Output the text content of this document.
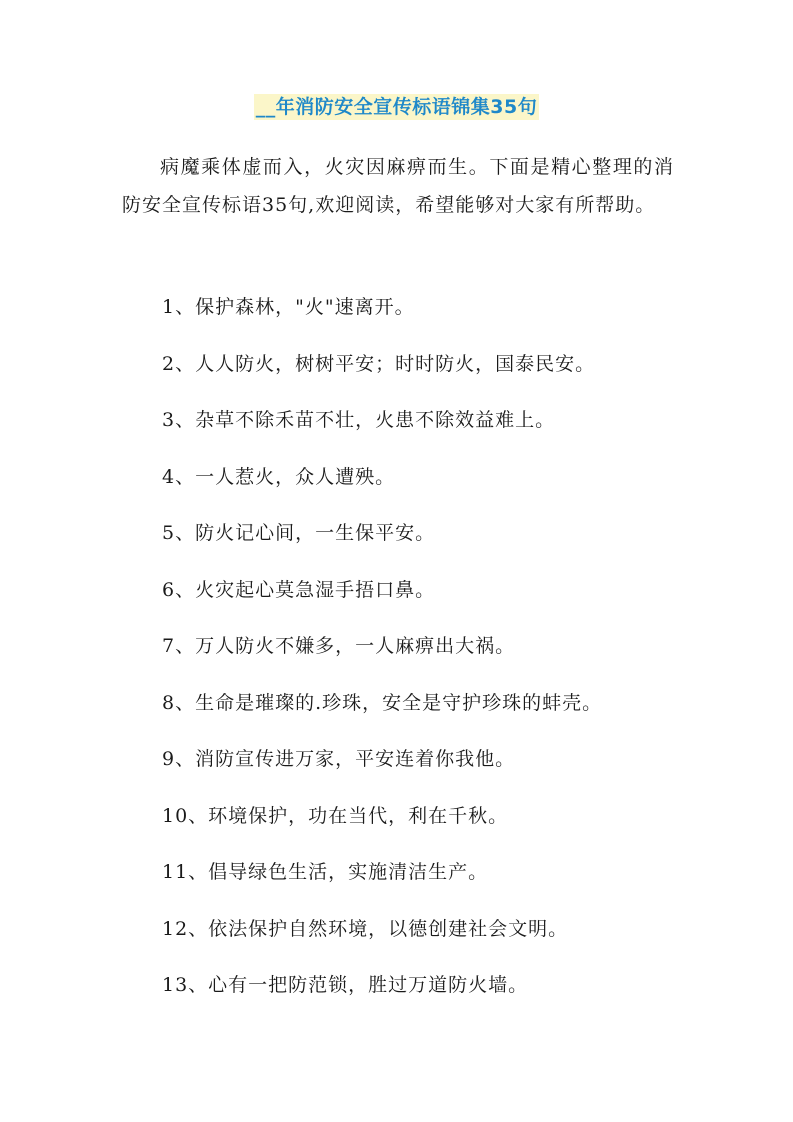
__年消防安全宣传标语锦集35句

病魔乘体虚而入，火灾因麻痹而生。下面是精心整理的消防安全宣传标语35句,欢迎阅读，希望能够对大家有所帮助。

1、保护森林，"火"速离开。
2、人人防火，树树平安；时时防火，国泰民安。
3、杂草不除禾苗不壮，火患不除效益难上。
4、一人惹火，众人遭殃。
5、防火记心间，一生保平安。
6、火灾起心莫急湿手捂口鼻。
7、万人防火不嫌多，一人麻痹出大祸。
8、生命是璀璨的.珍珠，安全是守护珍珠的蚌壳。
9、消防宣传进万家，平安连着你我他。
10、环境保护，功在当代，利在千秋。
11、倡导绿色生活，实施清洁生产。
12、依法保护自然环境，以德创建社会文明。
13、心有一把防范锁，胜过万道防火墙。
